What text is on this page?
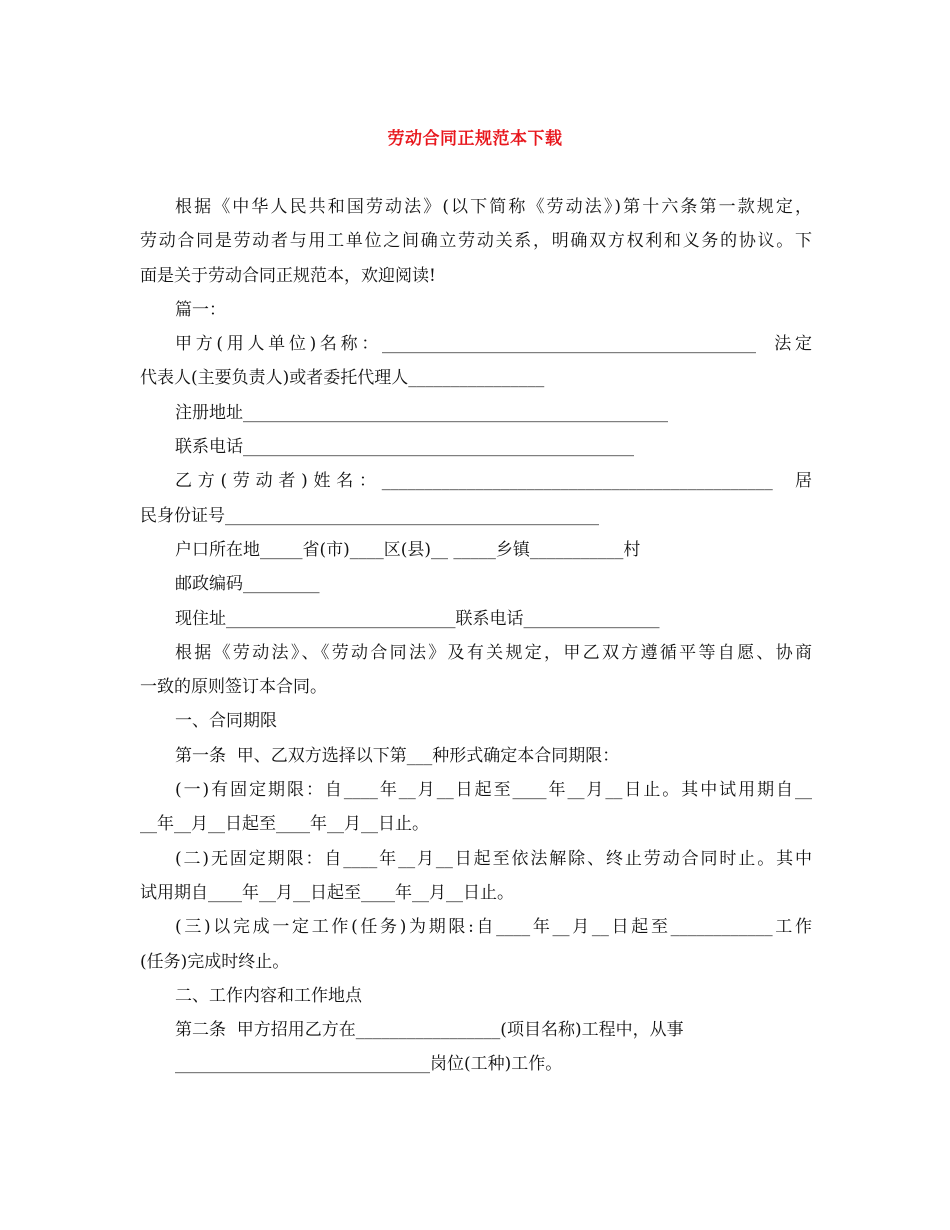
劳动合同正规范本下载
根据《中华人民共和国劳动法》(以下简称《劳动法》)第十六条第一款规定，
劳动合同是劳动者与用工单位之间确立劳动关系，明确双方权利和义务的协议。下
面是关于劳动合同正规范本，欢迎阅读!
篇一：
甲方(用人单位)名称：____________________________________________  法定
代表人(主要负责人)或者委托代理人________________
注册地址__________________________________________________
联系电话______________________________________________
乙方(劳动者)姓名：______________________________________________  居
民身份证号____________________________________________
户口所在地_____省(市)____区(县)__ _____乡镇___________村
邮政编码_________
现住址___________________________联系电话________________
根据《劳动法》、《劳动合同法》及有关规定，甲乙双方遵循平等自愿、协商
一致的原则签订本合同。
一、合同期限
第一条  甲、乙双方选择以下第___种形式确定本合同期限：
(一)有固定期限：自____年__月__日起至____年__月__日止。其中试用期自__
__年__月__日起至____年__月__日止。
(二)无固定期限：自____年__月__日起至依法解除、终止劳动合同时止。其中
试用期自____年__月__日起至____年__月__日止。
(三)以完成一定工作(任务)为期限:自____年__月__日起至____________工作
(任务)完成时终止。
二、工作内容和工作地点
第二条  甲方招用乙方在_________________(项目名称)工程中，从事
______________________________岗位(工种)工作。
